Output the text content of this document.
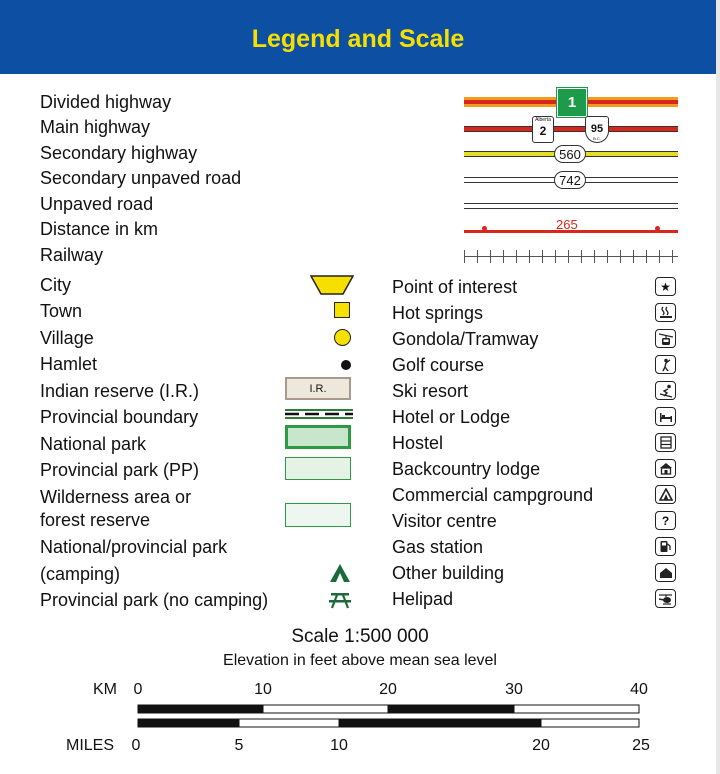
Legend and Scale
Divided highway
Main highway
Secondary highway
Secondary unpaved road
Unpaved road
Distance in km
Railway
1
Alberta
2	95
B.C.
560
742
265
City
Town
Village
Hamlet
Indian reserve (I.R.)
Provincial boundary
National park
Provincial park (PP)
Wilderness area or
forest reserve
National/provincial park
(camping)
Provincial park (no camping)
I.R.
Point of interest
Hot springs
Gondola/Tramway
Golf course
Ski resort
Hotel or Lodge
Hostel
Backcountry lodge
Commercial campground
Visitor centre
Gas station
Other building
Helipad
★
?
Scale 1:500 000
Elevation in feet above mean sea level
KM 0	10	20	30	40
MILES 0	5	10	20	25
